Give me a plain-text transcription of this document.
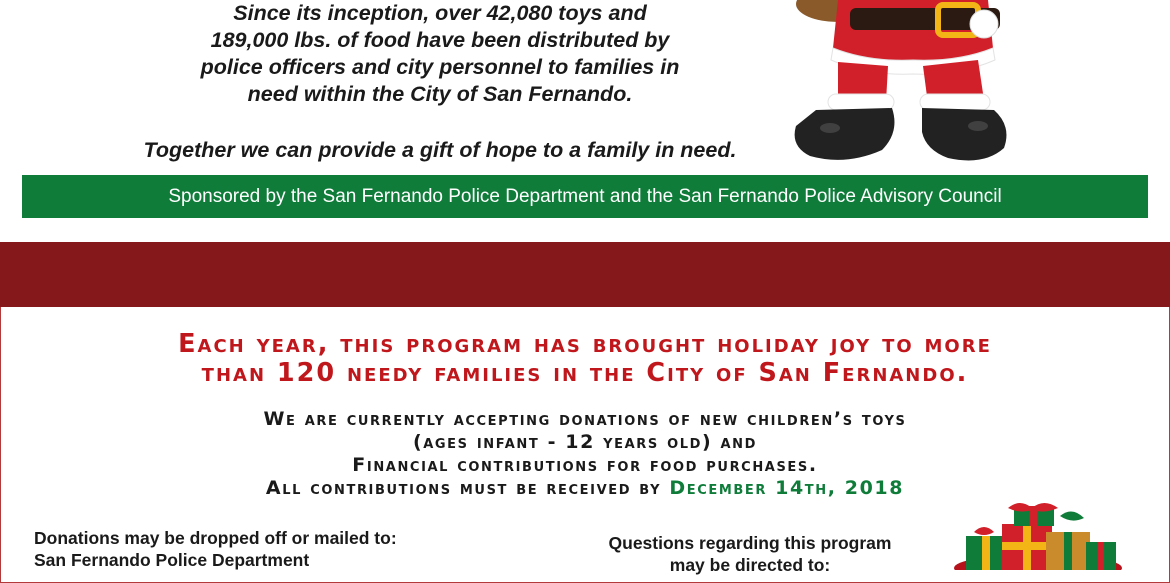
Since its inception, over 42,080 toys and
189,000 lbs. of food have been distributed by
police officers and city personnel to families in
need within the City of San Fernando.
Together we can provide a gift of hope to a family in need.
Sponsored by the San Fernando Police Department and the San Fernando Police Advisory Council
Each year, this program has brought holiday joy to more
than 120 needy families in the City of San Fernando.
We are currently accepting donations of new children’s toys
(ages infant - 12 years old) and
Financial contributions for food purchases.
All contributions must be received by December 14th, 2018
Donations may be dropped off or mailed to:
San Fernando Police Department
Questions regarding this program
may be directed to:
